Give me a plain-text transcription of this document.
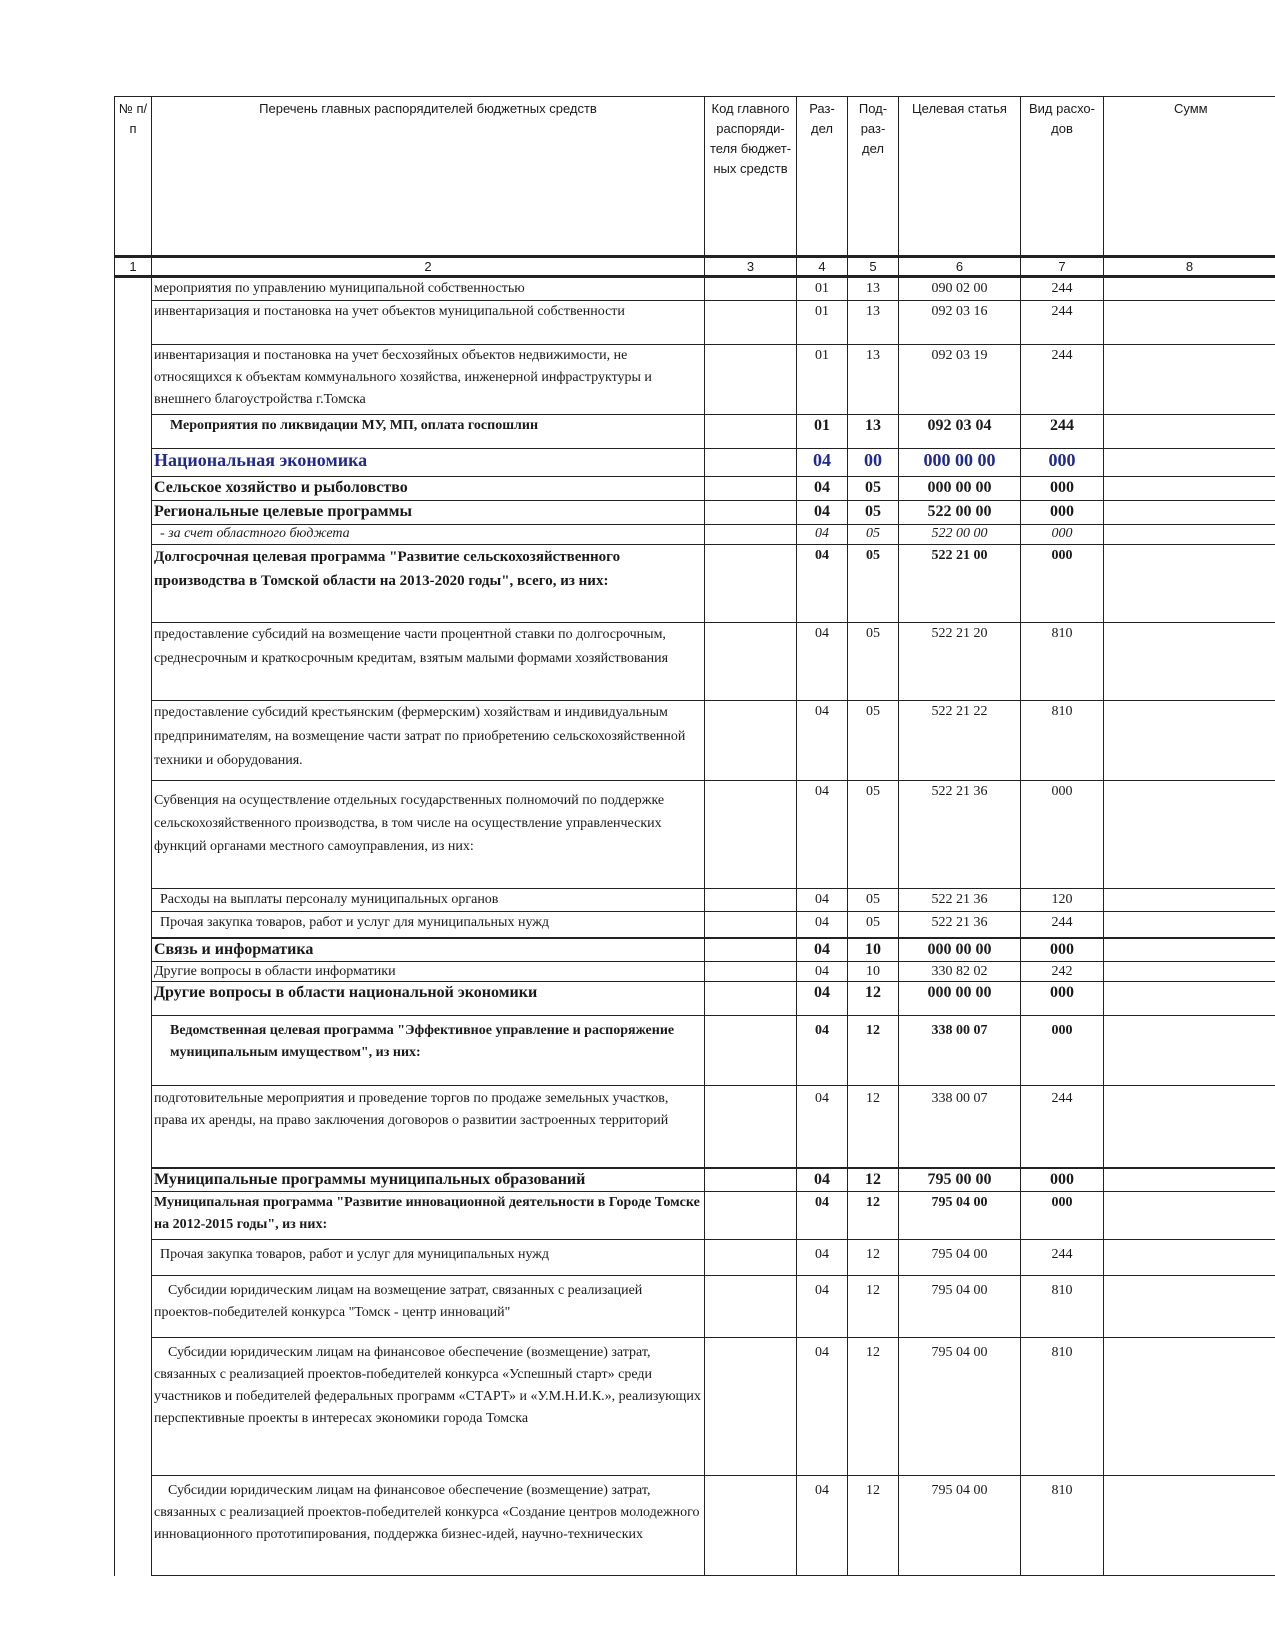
№ п/п	Перечень главных распорядителей бюджетных средств	Код главного распоряди-теля бюджет-ных средств	Раз-дел	Под-раз-дел	Целевая статья	Вид расхо-дов	Сумм
1	2	3	4	5	6	7	8
	мероприятия по управлению муниципальной собственностью		01	13	090 02 00	244	
	инвентаризация и постановка на учет объектов муниципальной собственности		01	13	092 03 16	244	
	инвентаризация и постановка на учет бесхозяйных объектов недвижимости, не относящихся к объектам коммунального хозяйства, инженерной инфраструктуры и внешнего благоустройства г.Томска		01	13	092 03 19	244	
	Мероприятия по ликвидации МУ, МП, оплата госпошлин		01	13	092 03 04	244	
	Национальная экономика		04	00	000 00 00	000	
	Сельское хозяйство и рыболовство		04	05	000 00 00	000	
	Региональные целевые программы		04	05	522 00 00	000	
	- за счет областного бюджета		04	05	522 00 00	000	
	Долгосрочная целевая программа "Развитие сельскохозяйственного производства в Томской области на 2013-2020 годы", всего, из них:		04	05	522 21 00	000	
	предоставление субсидий на возмещение части процентной ставки по долгосрочным, среднесрочным и краткосрочным кредитам, взятым малыми формами хозяйствования		04	05	522 21 20	810	
	предоставление субсидий крестьянским (фермерским) хозяйствам и индивидуальным предпринимателям, на возмещение части затрат по приобретению сельскохозяйственной техники и оборудования.		04	05	522 21 22	810	
	Субвенция на осуществление отдельных государственных полномочий по поддержке сельскохозяйственного производства, в том числе на осуществление управленческих функций органами местного самоуправления, из них:		04	05	522 21 36	000	
	Расходы на выплаты персоналу муниципальных органов		04	05	522 21 36	120	
	Прочая закупка товаров, работ и услуг для муниципальных нужд		04	05	522 21 36	244	
	Связь и информатика		04	10	000 00 00	000	
	Другие вопросы в области информатики		04	10	330 82 02	242	
	Другие вопросы в области национальной экономики		04	12	000 00 00	000	
	Ведомственная целевая программа "Эффективное управление и распоряжение муниципальным имуществом", из них:		04	12	338 00 07	000	
	подготовительные мероприятия и проведение торгов по продаже земельных участков, права их аренды, на право заключения договоров о развитии застроенных территорий		04	12	338 00 07	244	
	Муниципальные программы муниципальных образований		04	12	795 00 00	000	
	Муниципальная программа "Развитие инновационной деятельности в Городе Томске на 2012-2015 годы", из них:		04	12	795 04 00	000	
	Прочая закупка товаров, работ и услуг для муниципальных нужд		04	12	795 04 00	244	
	Субсидии юридическим лицам на возмещение затрат, связанных с реализацией проектов-победителей конкурса "Томск - центр инноваций"		04	12	795 04 00	810	
	Субсидии юридическим лицам на финансовое обеспечение (возмещение) затрат, связанных с реализацией проектов-победителей конкурса «Успешный старт» среди участников и победителей федеральных программ «СТАРТ» и «У.М.Н.И.К.», реализующих перспективные проекты в интересах экономики города Томска		04	12	795 04 00	810	
	Субсидии юридическим лицам на финансовое обеспечение (возмещение) затрат, связанных с реализацией проектов-победителей конкурса «Создание центров молодежного инновационного прототипирования, поддержка бизнес-идей, научно-технических		04	12	795 04 00	810	
